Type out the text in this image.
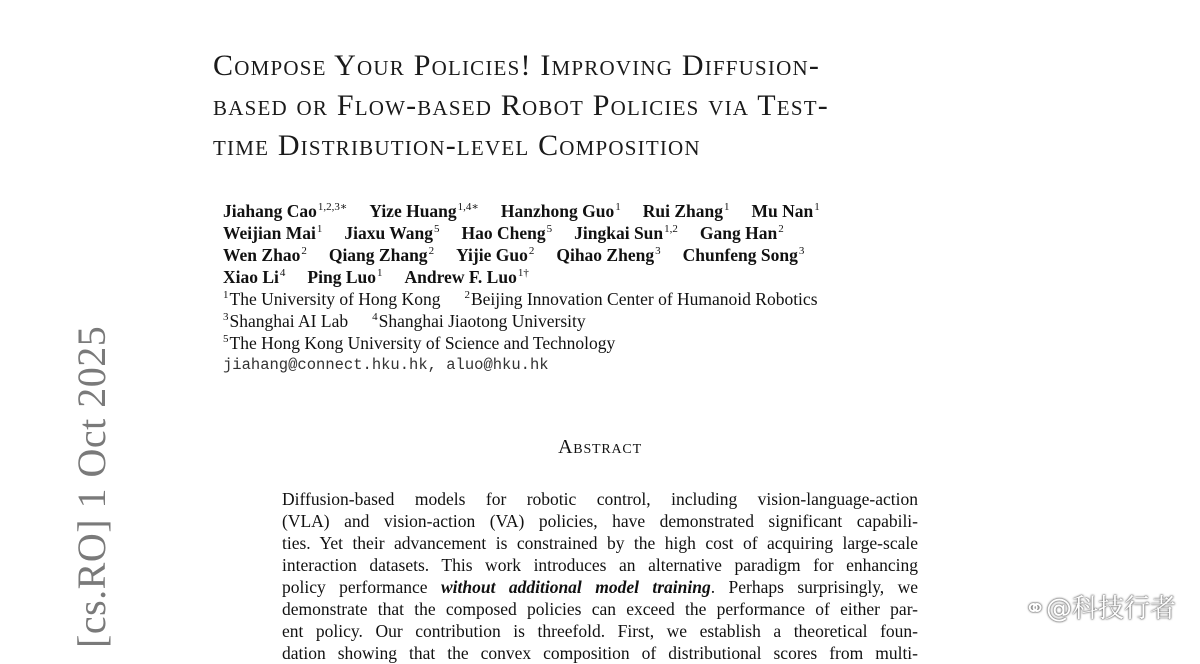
[cs.RO] 1 Oct 2025
Compose Your Policies! Improving Diffusion-
based or Flow-based Robot Policies via Test-
time Distribution-level Composition
Jiahang Cao$^{1,2,3∗}$ Yize Huang$^{1,4∗}$ Hanzhong Guo$^1$ Rui Zhang$^1$ Mu Nan$^1$
Weijian Mai$^1$ Jiaxu Wang$^5$ Hao Cheng$^5$ Jingkai Sun$^{1,2}$ Gang Han$^2$
Wen Zhao$^2$ Qiang Zhang$^2$ Yijie Guo$^2$ Qihao Zheng$^3$ Chunfeng Song$^3$
Xiao Li$^4$ Ping Luo$^1$ Andrew F. Luo$^{1\dagger}$
$^1$The University of Hong Kong $^2$Beijing Innovation Center of Humanoid Robotics
$^3$Shanghai AI Lab $^4$Shanghai Jiaotong University
$^5$The Hong Kong University of Science and Technology
jiahang@connect.hku.hk, aluo@hku.hk
Abstract
Diffusion-based models for robotic control, including vision-language-action
(VLA) and vision-action (VA) policies, have demonstrated significant capabili-
ties. Yet their advancement is constrained by the high cost of acquiring large-scale
interaction datasets. This work introduces an alternative paradigm for enhancing
policy performance without additional model training. Perhaps surprisingly, we
demonstrate that the composed policies can exceed the performance of either par-
ent policy. Our contribution is threefold. First, we establish a theoretical foun-
dation showing that the convex composition of distributional scores from multi-
⚭@科技行者
